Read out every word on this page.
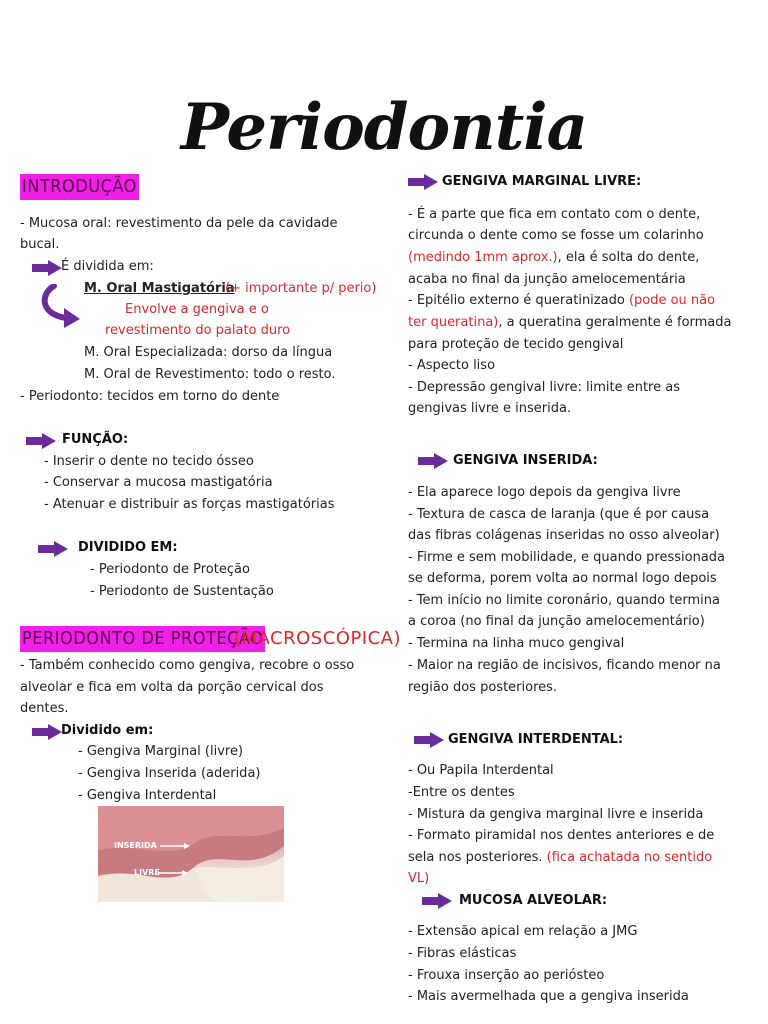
Periodontia
INTRODUÇÃO
- Mucosa oral: revestimento da pele da cavidade
bucal.
É dividida em:
M. Oral Mastigatória
(+ importante p/ perio)
Envolve a gengiva e o
revestimento do palato duro
M. Oral Especializada: dorso da língua
M. Oral de Revestimento: todo o resto.
- Periodonto: tecidos em torno do dente
FUNÇÃO:
- Inserir o dente no tecido ósseo
- Conservar a mucosa mastigatória
- Atenuar e distribuir as forças mastigatórias
DIVIDIDO EM:
- Periodonto de Proteção
- Periodonto de Sustentação
PERIODONTO DE PROTEÇÃO
(MACROSCÓPICA)
- Também conhecido como gengiva, recobre o osso
alveolar e fica em volta da porção cervical dos
dentes.
Dividido em:
- Gengiva Marginal (livre)
- Gengiva Inserida (aderida)
- Gengiva Interdental
INSERIDA
LIVRE
GENGIVA MARGINAL LIVRE:
- É a parte que fica em contato com o dente,
circunda o dente como se fosse um colarinho
(medindo 1mm aprox.), ela é solta do dente,
acaba no final da junção amelocementária
- Epitélio externo é queratinizado (pode ou não
ter queratina), a queratina geralmente é formada
para proteção de tecido gengival
- Aspecto liso
- Depressão gengival livre: limite entre as
gengivas livre e inserida.
GENGIVA INSERIDA:
- Ela aparece logo depois da gengiva livre
- Textura de casca de laranja (que é por causa
das fibras colágenas inseridas no osso alveolar)
- Firme e sem mobilidade, e quando pressionada
se deforma, porem volta ao normal logo depois
- Tem início no limite coronário, quando termina
a coroa (no final da junção amelocementário)
- Termina na linha muco gengival
- Maior na região de incisivos, ficando menor na
região dos posteriores.
GENGIVA INTERDENTAL:
- Ou Papila Interdental
-Entre os dentes
- Mistura da gengiva marginal livre e inserida
- Formato piramidal nos dentes anteriores e de
sela nos posteriores. (fica achatada no sentido
VL)
MUCOSA ALVEOLAR:
- Extensão apical em relação a JMG
- Fibras elásticas
- Frouxa inserção ao periósteo
- Mais avermelhada que a gengiva inserida
